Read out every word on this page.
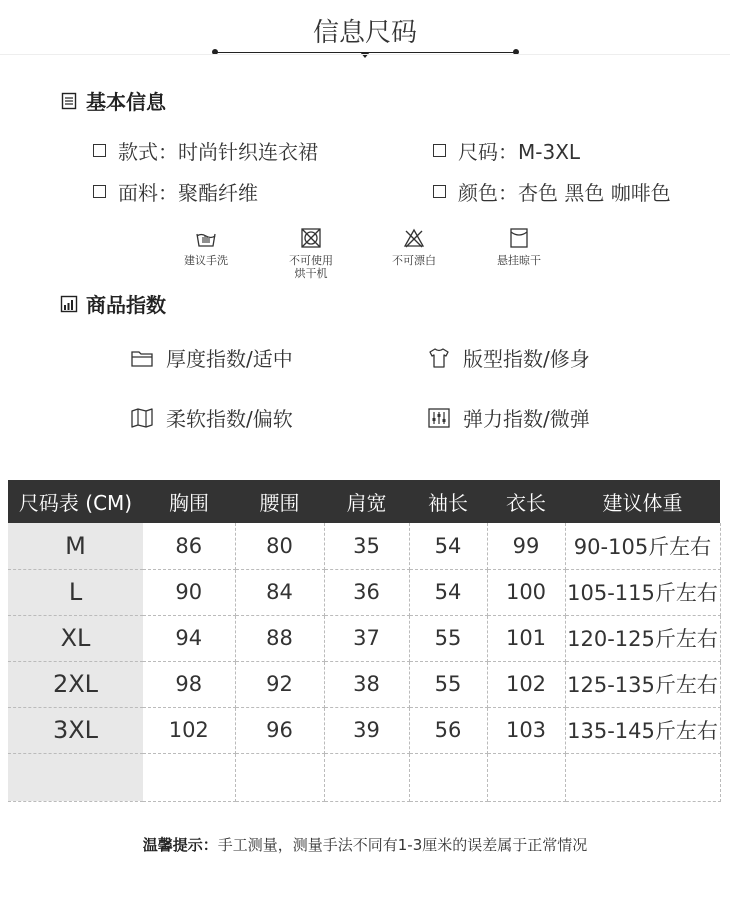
信息尺码
基本信息
款式：时尚针织连衣裙	尺码：M-3XL
面料：聚酯纤维	颜色：杏色 黑色 咖啡色
建议手洗	不可使用
烘干机
不可漂白	悬挂晾干
商品指数
厚度指数/适中	版型指数/修身
柔软指数/偏软	弹力指数/微弹
尺码表 (CM)	胸围	腰围	肩宽	袖长	衣长	建议体重
M	86	80	35	54	99	90-105斤左右
L	90	84	36	54	100	105-115斤左右
XL	94	88	37	55	101	120-125斤左右
2XL	98	92	38	55	102	125-135斤左右
3XL	102	96	39	56	103	135-145斤左右

温馨提示：手工测量，测量手法不同有1-3厘米的误差属于正常情况
